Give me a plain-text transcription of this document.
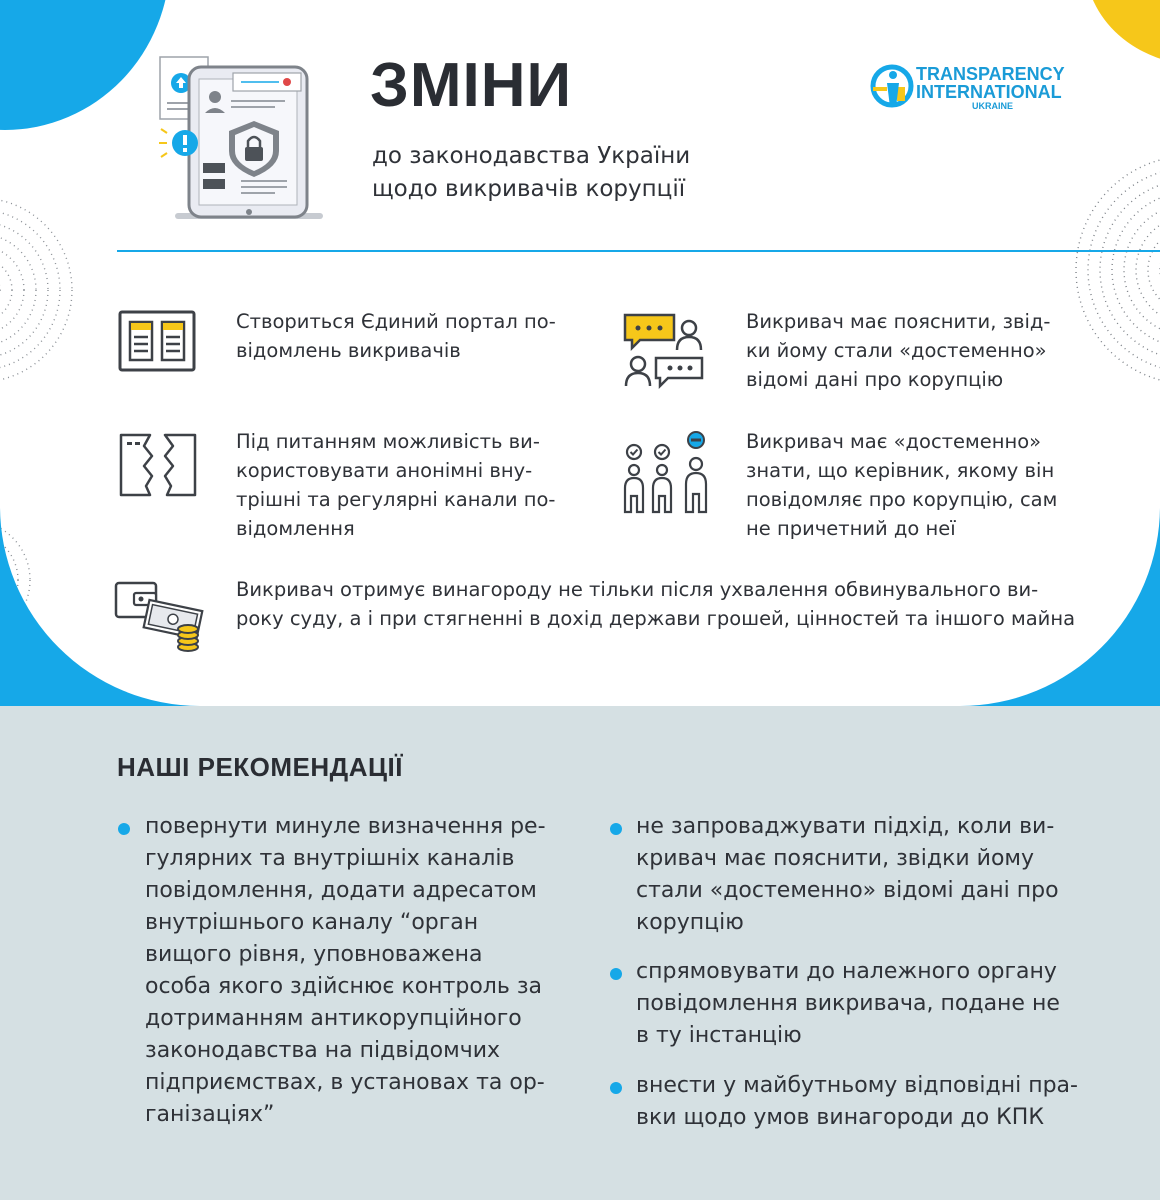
ЗМІНИ
до законодавства України
щодо викривачів корупції
TRANSPARENCY
INTERNATIONAL
UKRAINE
Створиться Єдиний портал по-
відомлень викривачів
Викривач має пояснити, звід-
ки йому стали «достеменно»
відомі дані про корупцію
Під питанням можливість ви-
користовувати анонімні вну-
трішні та регулярні канали по-
відомлення
Викривач має «достеменно»
знати, що керівник, якому він
повідомляє про корупцію, сам
не причетний до неї
Викривач отримує винагороду не тільки після ухвалення обвинувального ви-
року суду, а і при стягненні в дохід держави грошей, цінностей та іншого майна
НАШІ РЕКОМЕНДАЦІЇ
повернути минуле визначення ре-
гулярних та внутрішніх каналів
повідомлення, додати адресатом
внутрішнього каналу “орган
вищого рівня, уповноважена
особа якого здійснює контроль за
дотриманням антикорупційного
законодавства на підвідомчих
підприємствах, в установах та ор-
ганізаціях”
не запроваджувати підхід, коли ви-
кривач має пояснити, звідки йому
стали «достеменно» відомі дані про
корупцію
спрямовувати до належного органу
повідомлення викривача, подане не
в ту інстанцію
внести у майбутньому відповідні пра-
вки щодо умов винагороди до КПК
